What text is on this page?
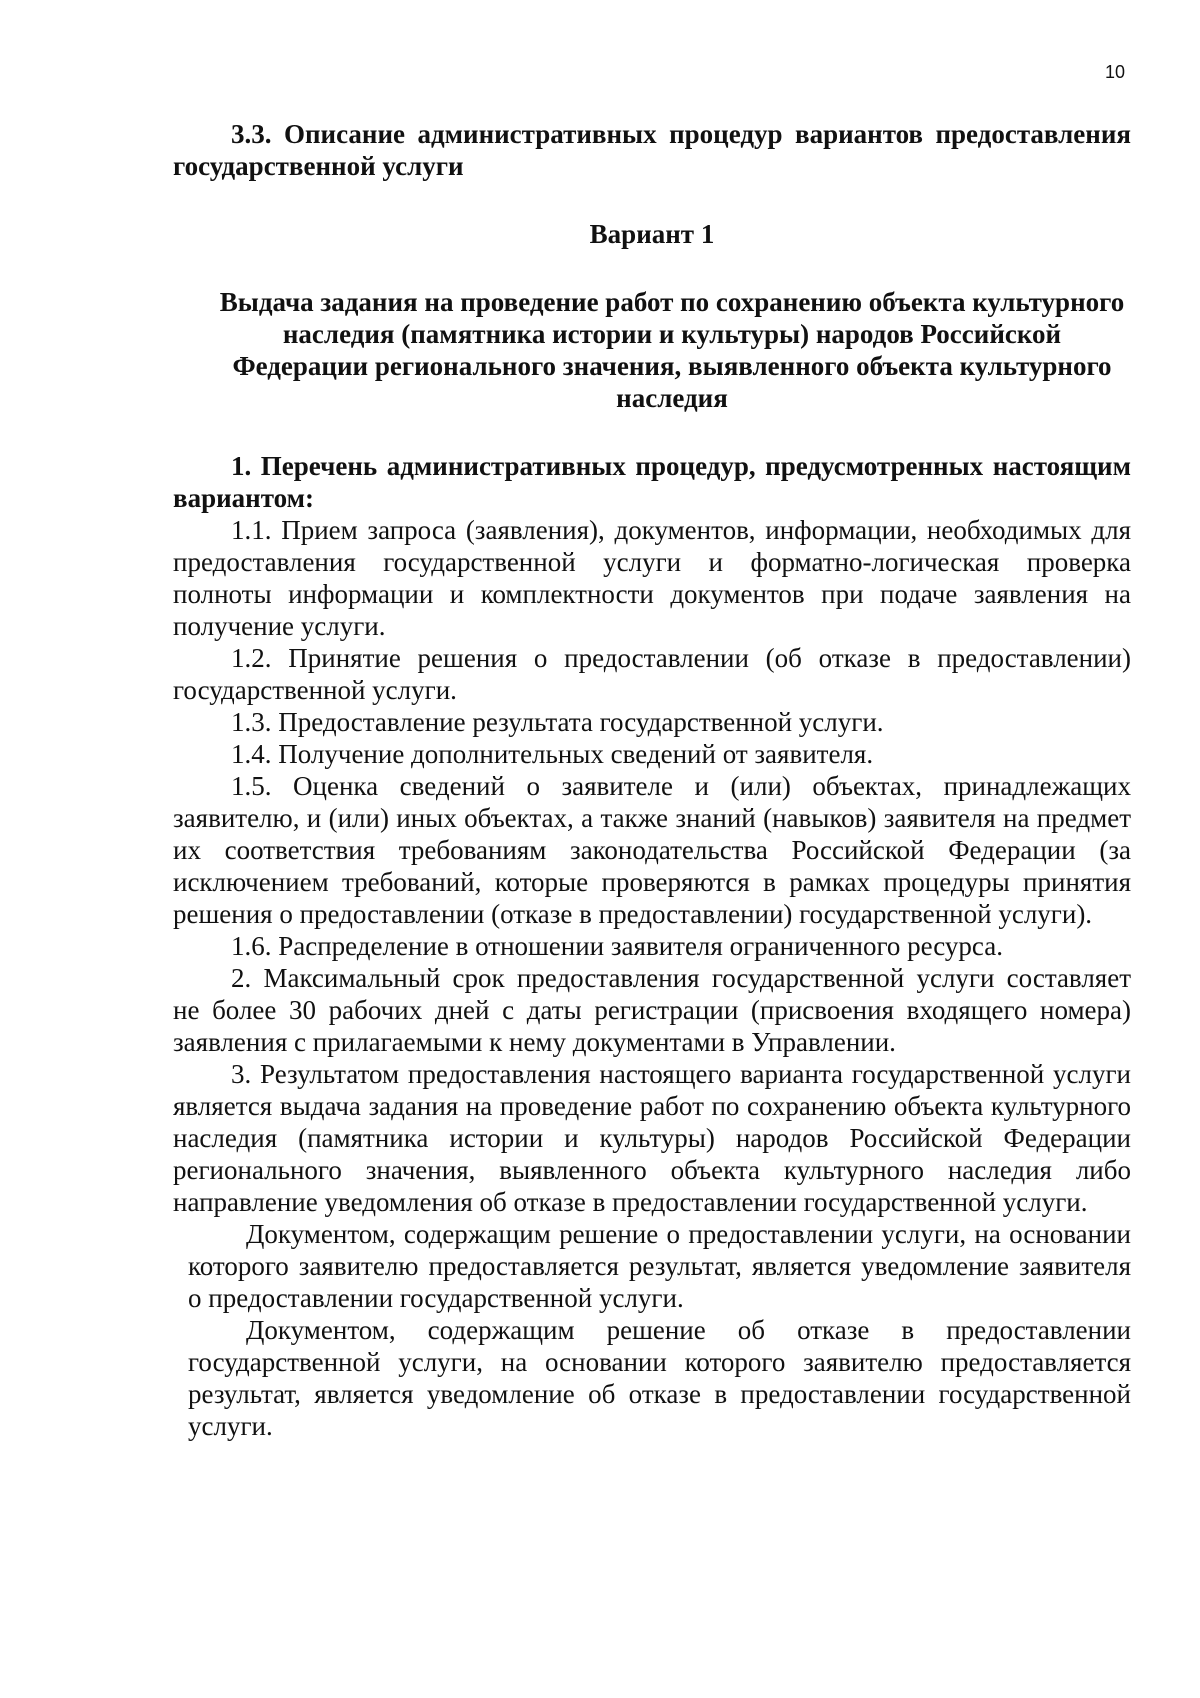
10

3.3. Описание административных процедур вариантов предоставления государственной услуги

Вариант 1

Выдача задания на проведение работ по сохранению объекта культурного наследия (памятника истории и культуры) народов Российской Федерации регионального значения, выявленного объекта культурного наследия

1. Перечень административных процедур, предусмотренных настоящим вариантом:

1.1. Прием запроса (заявления), документов, информации, необходимых для предоставления государственной услуги и форматно-логическая проверка полноты информации и комплектности документов при подаче заявления на получение услуги.

1.2. Принятие решения о предоставлении (об отказе в предоставлении) государственной услуги.

1.3. Предоставление результата государственной услуги.

1.4. Получение дополнительных сведений от заявителя.

1.5. Оценка сведений о заявителе и (или) объектах, принадлежащих заявителю, и (или) иных объектах, а также знаний (навыков) заявителя на предмет их соответствия требованиям законодательства Российской Федерации (за исключением требований, которые проверяются в рамках процедуры принятия решения о предоставлении (отказе в предоставлении) государственной услуги).

1.6. Распределение в отношении заявителя ограниченного ресурса.

2. Максимальный срок предоставления государственной услуги составляет не более 30 рабочих дней с даты регистрации (присвоения входящего номера) заявления с прилагаемыми к нему документами в Управлении.

3. Результатом предоставления настоящего варианта государственной услуги является выдача задания на проведение работ по сохранению объекта культурного наследия (памятника истории и культуры) народов Российской Федерации регионального значения, выявленного объекта культурного наследия либо направление уведомления об отказе в предоставлении государственной услуги.

Документом, содержащим решение о предоставлении услуги, на основании которого заявителю предоставляется результат, является уведомление заявителя о предоставлении государственной услуги.

Документом, содержащим решение об отказе в предоставлении государственной услуги, на основании которого заявителю предоставляется результат, является уведомление об отказе в предоставлении государственной услуги.
